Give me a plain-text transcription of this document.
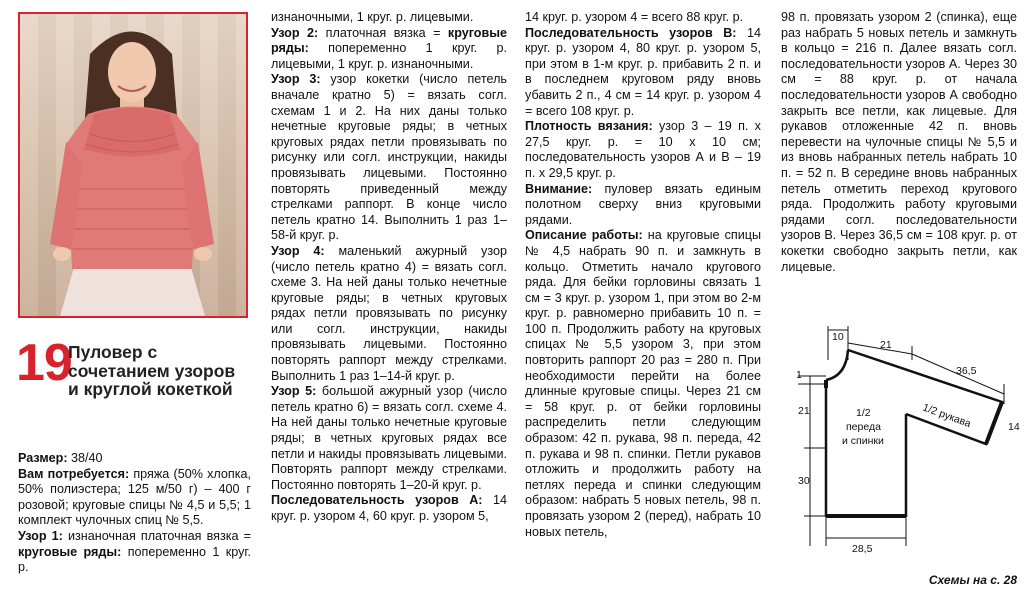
19
Пуловер с сочетанием узоров и круглой кокеткой

Размер: 38/40

Вам потребуется: пряжа (50% хлопка, 50% полиэстера; 125 м/50 г) – 400 г розовой; круговые спицы № 4,5 и 5,5; 1 комплект чулочных спиц № 5,5.

Узор 1: изнаночная платочная вязка = круговые ряды: попеременно 1 круг. р.

изнаночными, 1 круг. р. лицевыми.

Узор 2: платочная вязка = круговые ряды: попеременно 1 круг. р. лицевыми, 1 круг. р. изнаночными.

Узор 3: узор кокетки (число петель вначале кратно 5) = вязать согл. схемам 1 и 2. На них даны только нечетные круговые ряды; в четных круговых рядах петли провязывать по рисунку или согл. инструкции, накиды провязывать лицевыми. Постоянно повторять приведенный между стрелками раппорт. В конце число петель кратно 14. Выполнить 1 раз 1–58-й круг. р.

Узор 4: маленький ажурный узор (число петель кратно 4) = вязать согл. схеме 3. На ней даны только нечетные круговые ряды; в четных круговых рядах петли провязывать по рисунку или согл. инструкции, накиды провязывать лицевыми. Постоянно повторять раппорт между стрелками. Выполнить 1 раз 1–14-й круг. р.

Узор 5: большой ажурный узор (число петель кратно 6) = вязать согл. схеме 4. На ней даны только нечетные круговые ряды; в четных круговых рядах все петли и накиды провязывать лицевыми. Повторять раппорт между стрелками. Постоянно повторять 1–20-й круг. р.

Последовательность узоров А: 14 круг. р. узором 4, 60 круг. р. узором 5,

14 круг. р. узором 4 = всего 88 круг. р.

Последовательность узоров В: 14 круг. р. узором 4, 80 круг. р. узором 5, при этом в 1-м круг. р. прибавить 2 п. и в последнем круговом ряду вновь убавить 2 п., 4 см = 14 круг. р. узором 4 = всего 108 круг. р.

Плотность вязания: узор 3 – 19 п. х 27,5 круг. р. = 10 х 10 см; последовательность узоров А и В – 19 п. х 29,5 круг. р.

Внимание: пуловер вязать единым полотном сверху вниз круговыми рядами.

Описание работы: на круговые спицы № 4,5 набрать 90 п. и замкнуть в кольцо. Отметить начало кругового ряда. Для бейки горловины связать 1 см = 3 круг. р. узором 1, при этом во 2-м круг. р. равномерно прибавить 10 п. = 100 п. Продолжить работу на круговых спицах № 5,5 узором 3, при этом повторить раппорт 20 раз = 280 п. При необходимости перейти на более длинные круговые спицы. Через 21 см = 58 круг. р. от бейки горловины распределить петли следующим образом: 42 п. рукава, 98 п. переда, 42 п. рукава и 98 п. спинки. Петли рукавов отложить и продолжить работу на петлях переда и спинки следующим образом: набрать 5 новых петель, 98 п. провязать узором 2 (перед), набрать 10 новых петель,

98 п. провязать узором 2 (спинка), еще раз набрать 5 новых петель и замкнуть в кольцо = 216 п. Далее вязать согл. последовательности узоров А. Через 30 см = 88 круг. р. от начала последовательности узоров А свободно закрыть все петли, как лицевые. Для рукавов отложенные 42 п. вновь перевести на чулочные спицы № 5,5 и из вновь набранных петель набрать 10 п. = 52 п. В середине вновь набранных петель отметить переход кругового ряда. Продолжить работу круговыми рядами согл. последовательности узоров В. Через 36,5 см = 108 круг. р. от кокетки свободно закрыть петли, как лицевые.

10
21
36,5
14
1
21
30
28,5
1/2
переда
и спинки
1/2 рукава
Схемы на с. 28
